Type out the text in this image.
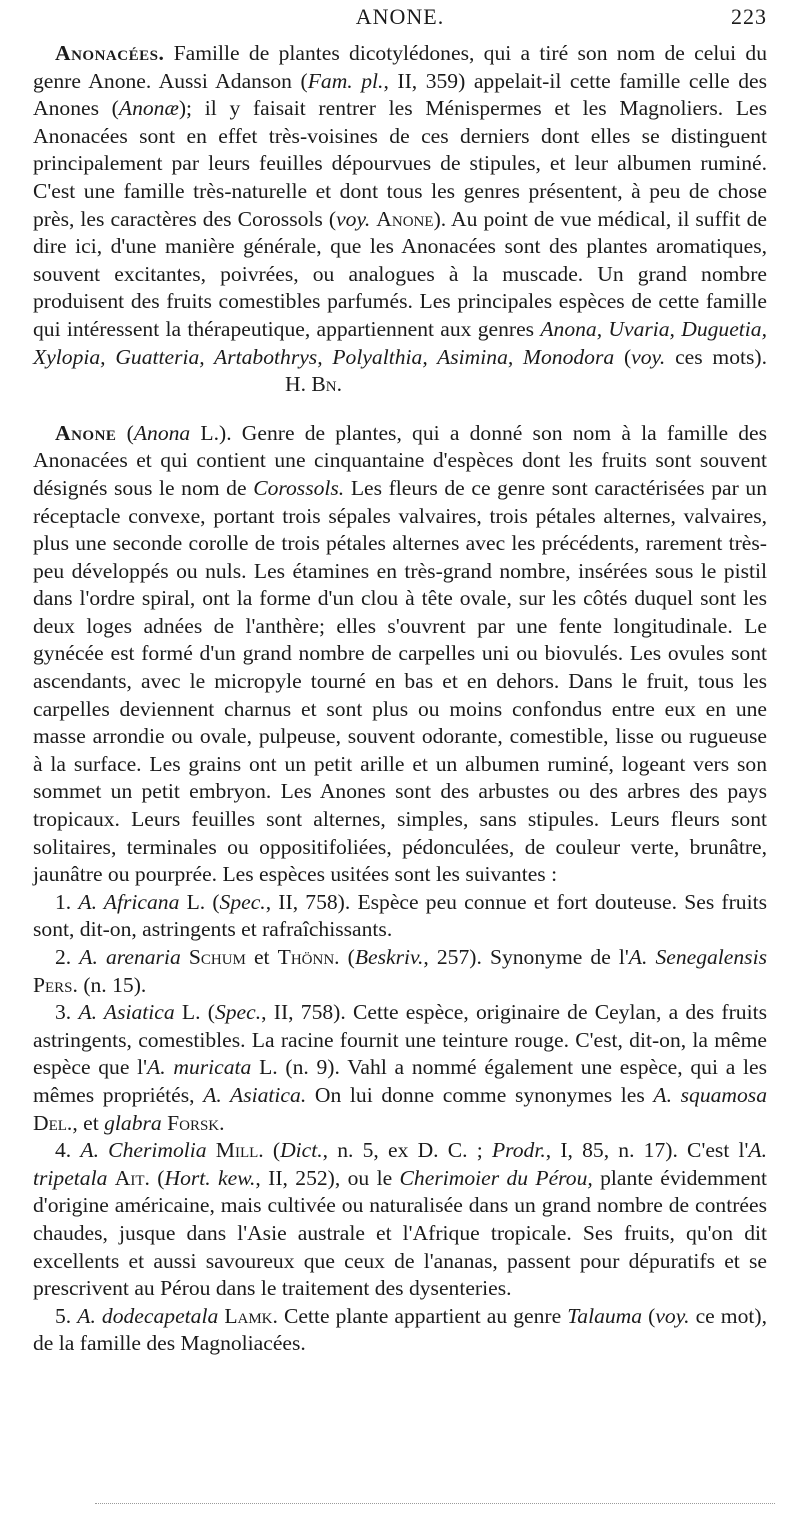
ANONE.	223

Anonacées. Famille de plantes dicotylédones, qui a tiré son nom de celui du genre Anone. Aussi Adanson (Fam. pl., II, 359) appelait-il cette famille celle des Anones (Anonæ); il y faisait rentrer les Ménispermes et les Magnoliers. Les Anonacées sont en effet très-voisines de ces derniers dont elles se distinguent principalement par leurs feuilles dépourvues de stipules, et leur albumen ruminé. C'est une famille très-naturelle et dont tous les genres présentent, à peu de chose près, les caractères des Corossols (voy. Anone). Au point de vue médical, il suffit de dire ici, d'une manière générale, que les Anonacées sont des plantes aromatiques, souvent excitantes, poivrées, ou analogues à la muscade. Un grand nombre produisent des fruits comestibles parfumés. Les principales espèces de cette famille qui intéressent la thérapeutique, appartiennent aux genres Anona, Uvaria, Duguetia, Xylopia, Guatteria, Artabothrys, Polyalthia, Asimina, Monodora (voy. ces mots).H. Bn.

Anone (Anona L.). Genre de plantes, qui a donné son nom à la famille des Anonacées et qui contient une cinquantaine d'espèces dont les fruits sont souvent désignés sous le nom de Corossols. Les fleurs de ce genre sont caractérisées par un réceptacle convexe, portant trois sépales valvaires, trois pétales alternes, valvaires, plus une seconde corolle de trois pétales alternes avec les précédents, rarement très-peu développés ou nuls. Les étamines en très-grand nombre, insérées sous le pistil dans l'ordre spiral, ont la forme d'un clou à tête ovale, sur les côtés duquel sont les deux loges adnées de l'anthère; elles s'ouvrent par une fente longitudinale. Le gynécée est formé d'un grand nombre de carpelles uni ou biovulés. Les ovules sont ascendants, avec le micropyle tourné en bas et en dehors. Dans le fruit, tous les carpelles deviennent charnus et sont plus ou moins confondus entre eux en une masse arrondie ou ovale, pulpeuse, souvent odorante, comestible, lisse ou rugueuse à la surface. Les grains ont un petit arille et un albumen ruminé, logeant vers son sommet un petit embryon. Les Anones sont des arbustes ou des arbres des pays tropicaux. Leurs feuilles sont alternes, simples, sans stipules. Leurs fleurs sont solitaires, terminales ou oppositifoliées, pédonculées, de couleur verte, brunâtre, jaunâtre ou pourprée. Les espèces usitées sont les suivantes :

1. A. Africana L. (Spec., II, 758). Espèce peu connue et fort douteuse. Ses fruits sont, dit-on, astringents et rafraîchissants.

2. A. arenaria Schum et Thönn. (Beskriv., 257). Synonyme de l'A. Senegalensis Pers. (n. 15).

3. A. Asiatica L. (Spec., II, 758). Cette espèce, originaire de Ceylan, a des fruits astringents, comestibles. La racine fournit une teinture rouge. C'est, dit-on, la même espèce que l'A. muricata L. (n. 9). Vahl a nommé également une espèce, qui a les mêmes propriétés, A. Asiatica. On lui donne comme synonymes les A. squamosa Del., et glabra Forsk.

4. A. Cherimolia Mill. (Dict., n. 5, ex D. C. ; Prodr., I, 85, n. 17). C'est l'A. tripetala Ait. (Hort. kew., II, 252), ou le Cherimoier du Pérou, plante évidemment d'origine américaine, mais cultivée ou naturalisée dans un grand nombre de contrées chaudes, jusque dans l'Asie australe et l'Afrique tropicale. Ses fruits, qu'on dit excellents et aussi savoureux que ceux de l'ananas, passent pour dépuratifs et se prescrivent au Pérou dans le traitement des dysenteries.

5. A. dodecapetala Lamk. Cette plante appartient au genre Talauma (voy. ce mot), de la famille des Magnoliacées.
